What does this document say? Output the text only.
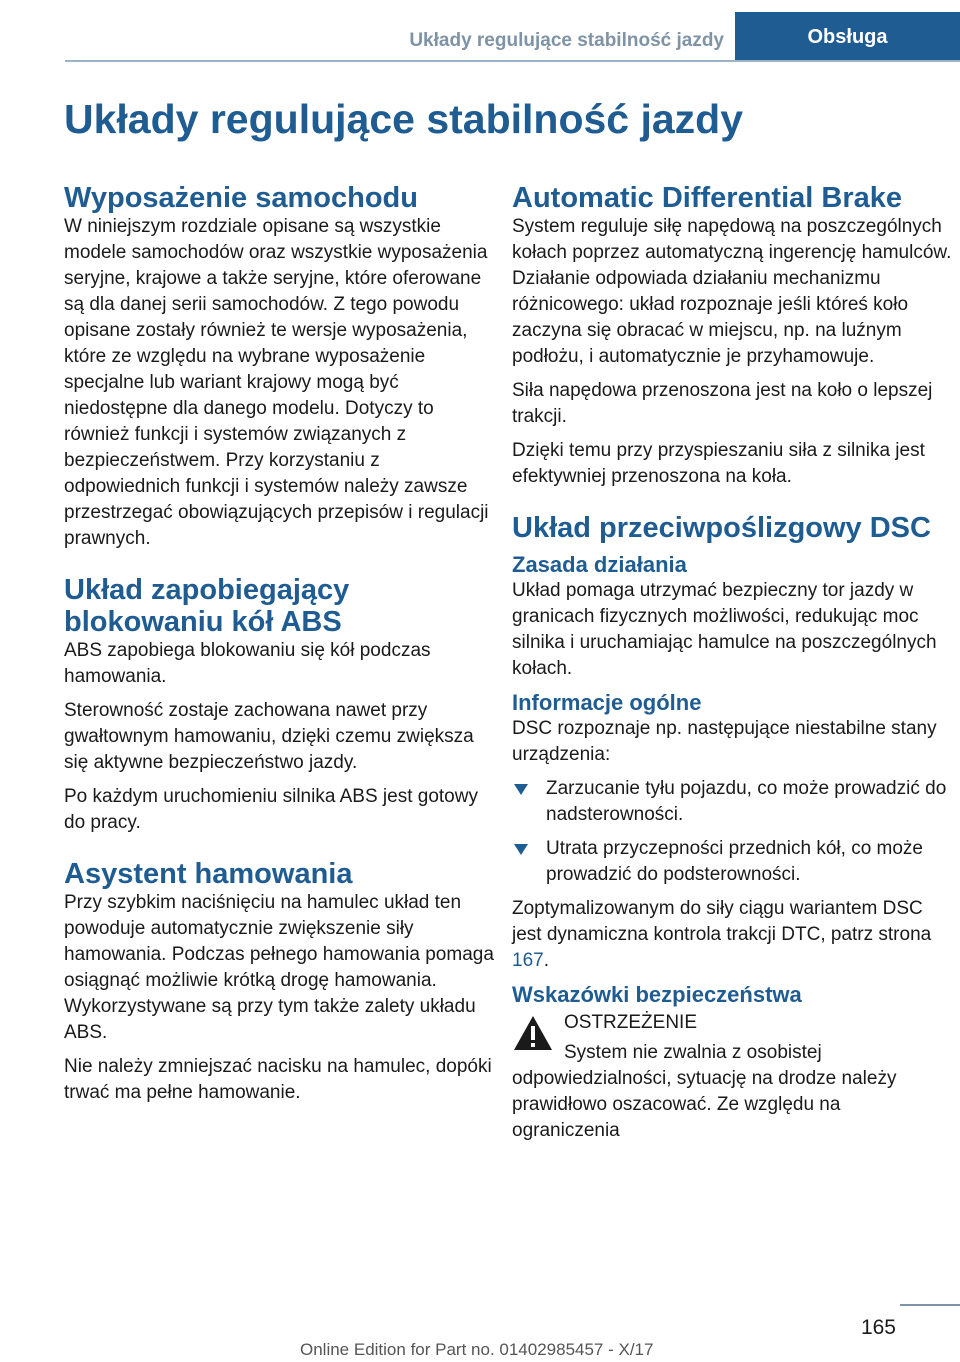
Układy regulujące stabilność jazdy	Obsługa
Układy regulujące stabilność jazdy
Wyposażenie samochodu

W niniejszym rozdziale opisane są wszystkie modele samochodów oraz wszystkie wyposażenia seryjne, krajowe a także seryjne, które oferowane są dla danej serii samochodów. Z tego powodu opisane zostały również te wersje wyposażenia, które ze względu na wybrane wyposażenie specjalne lub wariant krajowy mogą być niedostępne dla danego modelu. Dotyczy to również funkcji i systemów związanych z bezpieczeństwem. Przy korzystaniu z odpowiednich funkcji i systemów należy zawsze przestrzegać obowiązujących przepisów i regulacji prawnych.

Układ zapobiegający blokowaniu kół ABS

ABS zapobiega blokowaniu się kół podczas hamowania.

Sterowność zostaje zachowana nawet przy gwałtownym hamowaniu, dzięki czemu zwiększa się aktywne bezpieczeństwo jazdy.

Po każdym uruchomieniu silnika ABS jest gotowy do pracy.

Asystent hamowania

Przy szybkim naciśnięciu na hamulec układ ten powoduje automatycznie zwiększenie siły hamowania. Podczas pełnego hamowania pomaga osiągnąć możliwie krótką drogę hamowania. Wykorzystywane są przy tym także zalety układu ABS.

Nie należy zmniejszać nacisku na hamulec, dopóki trwać ma pełne hamowanie.

Automatic Differential Brake

System reguluje siłę napędową na poszczególnych kołach poprzez automatyczną ingerencję hamulców. Działanie odpowiada działaniu mechanizmu różnicowego: układ rozpoznaje jeśli któreś koło zaczyna się obracać w miejscu, np. na luźnym podłożu, i automatycznie je przyhamowuje.

Siła napędowa przenoszona jest na koło o lepszej trakcji.

Dzięki temu przy przyspieszaniu siła z silnika jest efektywniej przenoszona na koła.

Układ przeciwpoślizgowy DSC
Zasada działania

Układ pomaga utrzymać bezpieczny tor jazdy w granicach fizycznych możliwości, redukując moc silnika i uruchamiając hamulce na poszczególnych kołach.

Informacje ogólne

DSC rozpoznaje np. następujące niestabilne stany urządzenia:

Zarzucanie tyłu pojazdu, co może prowadzić do nadsterowności.
Utrata przyczepności przednich kół, co może prowadzić do podsterowności.

Zoptymalizowanym do siły ciągu wariantem DSC jest dynamiczna kontrola trakcji DTC, patrz strona 167.

Wskazówki bezpieczeństwa

OSTRZEŻENIE

System nie zwalnia z osobistej odpowiedzialności, sytuację na drodze należy prawidłowo oszacować. Ze względu na ograniczenia

165
Online Edition for Part no. 01402985457 - X/17
